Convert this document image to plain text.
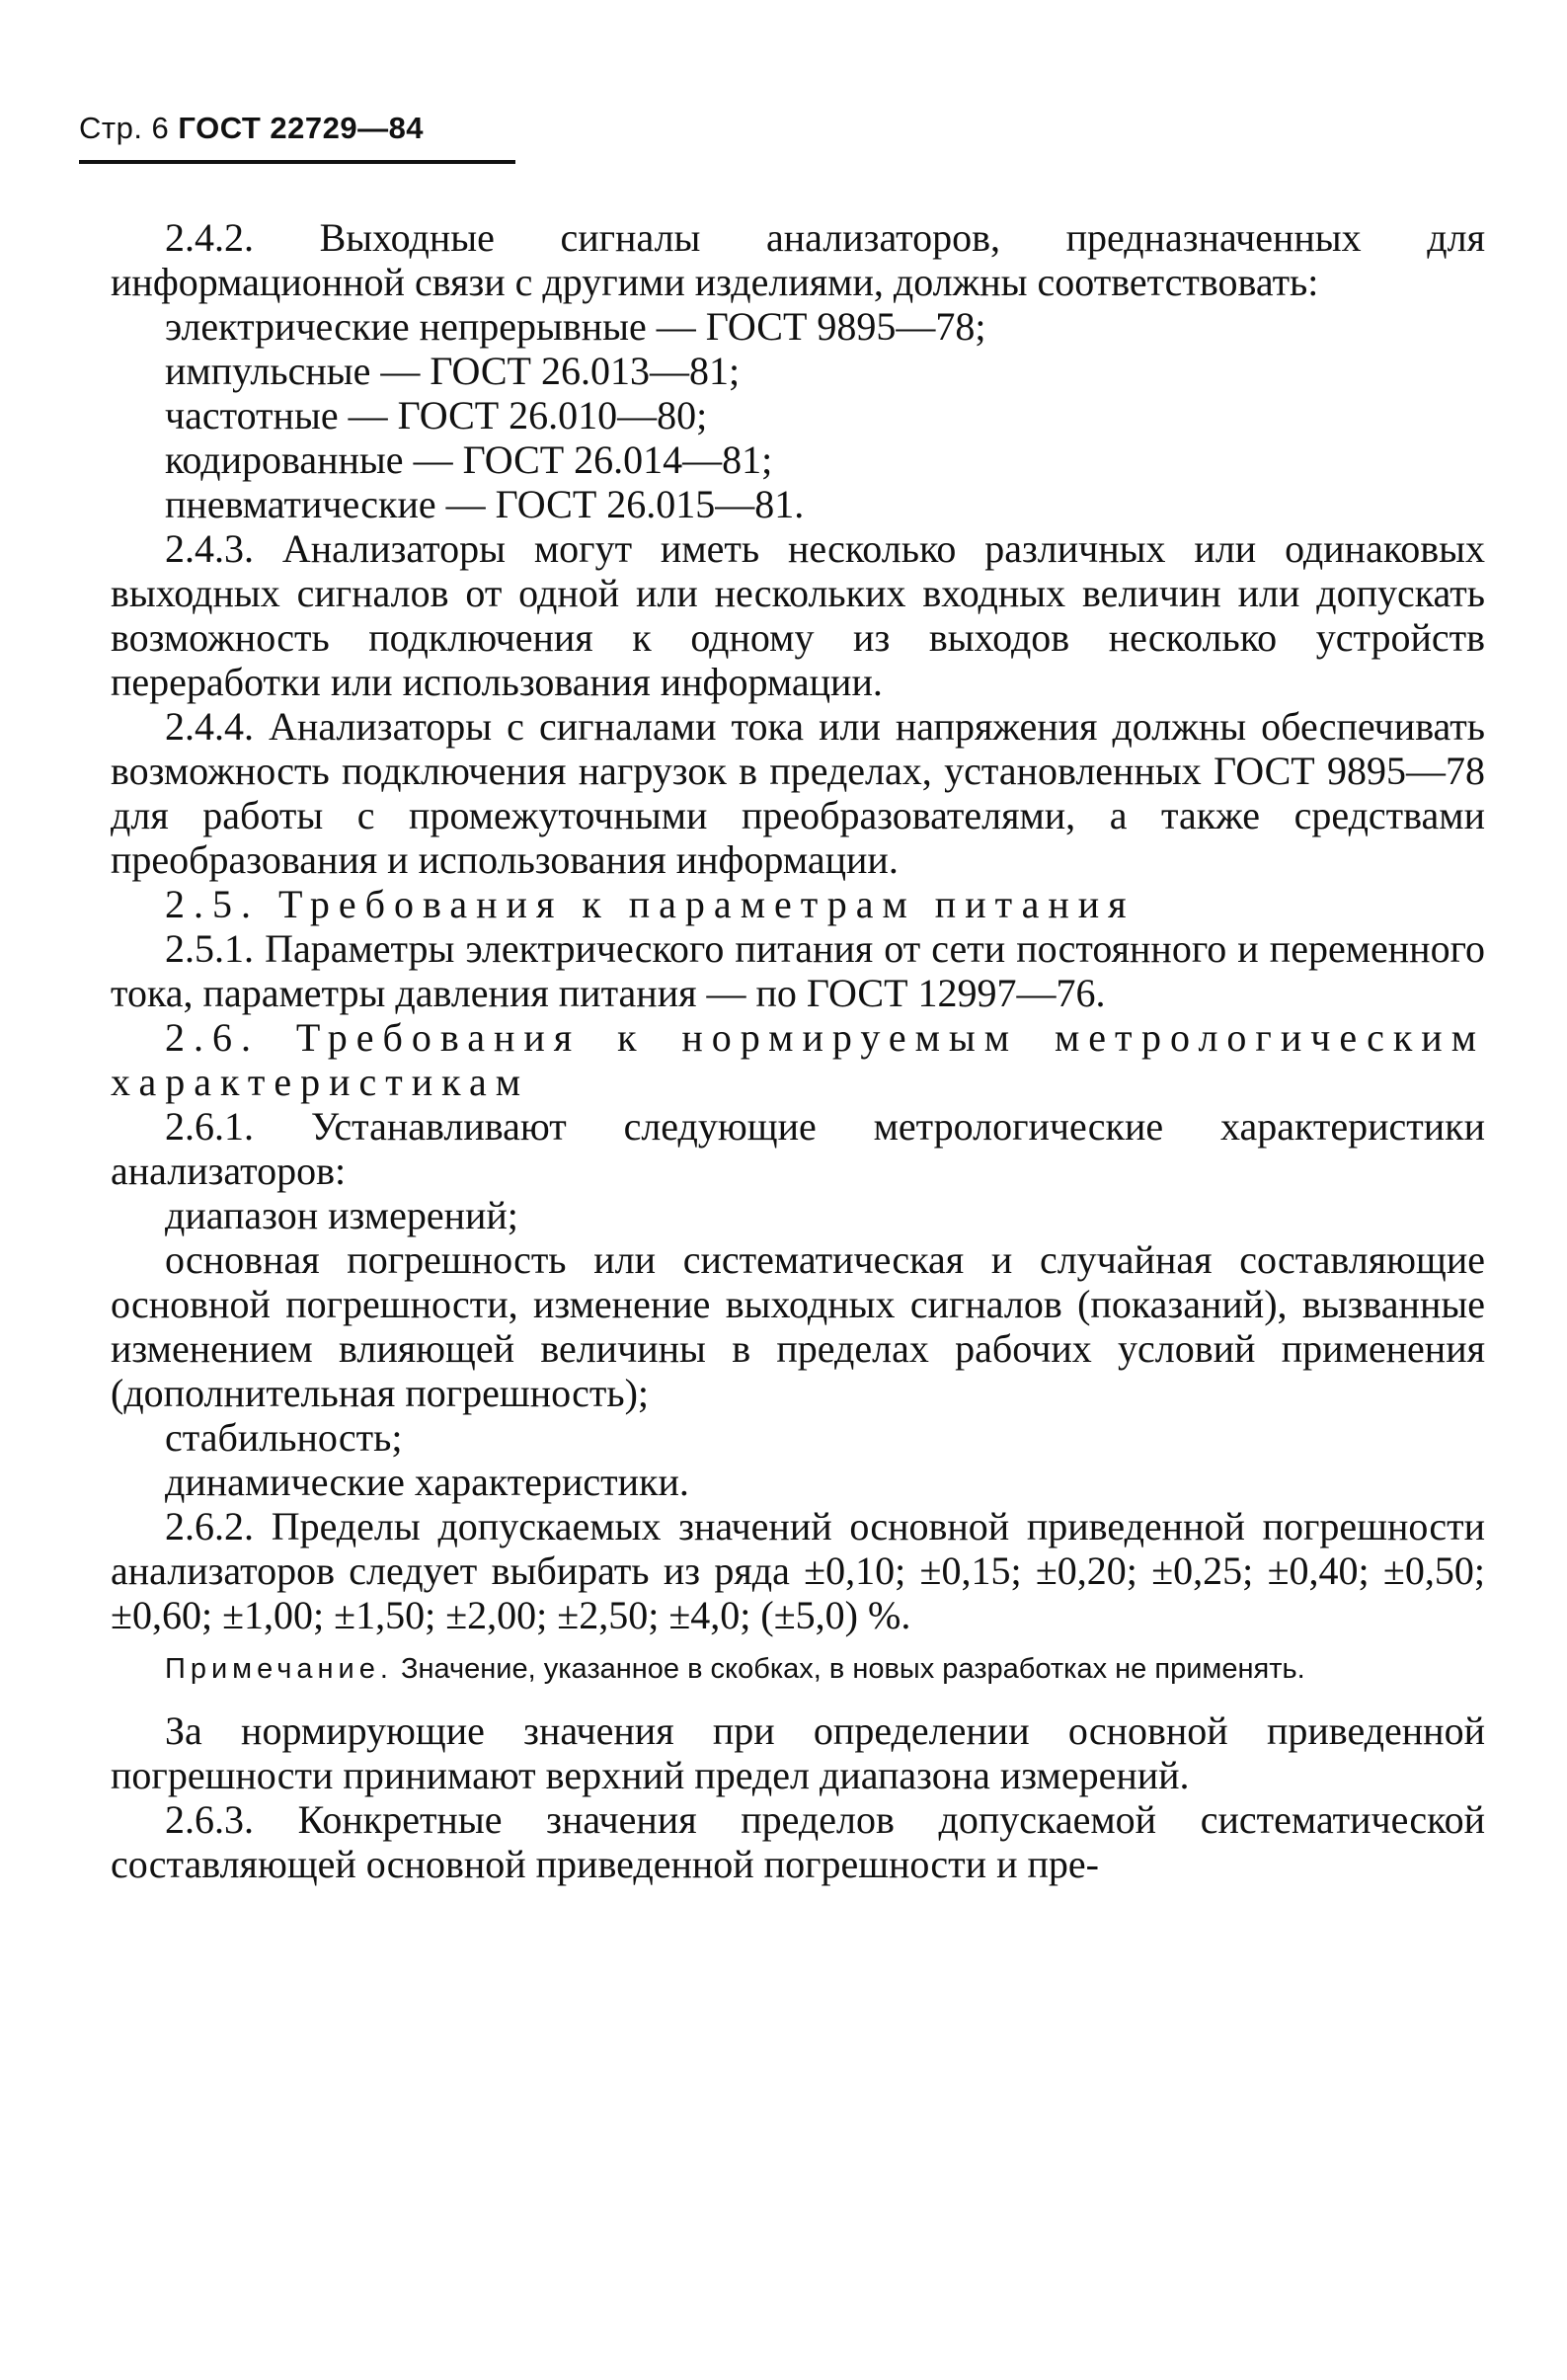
Стр. 6 ГОСТ 22729—84

2.4.2. Выходные сигналы анализаторов, предназначенных для информационной связи с другими изделиями, должны соответствовать:

электрические непрерывные — ГОСТ 9895—78;

импульсные — ГОСТ 26.013—81;

частотные — ГОСТ 26.010—80;

кодированные — ГОСТ 26.014—81;

пневматические — ГОСТ 26.015—81.

2.4.3. Анализаторы могут иметь несколько различных или одинаковых выходных сигналов от одной или нескольких входных величин или допускать возможность подключения к одному из выходов несколько устройств переработки или использования информации.

2.4.4. Анализаторы с сигналами тока или напряжения должны обеспечивать возможность подключения нагрузок в пределах, установленных ГОСТ 9895—78 для работы с промежуточными преобразователями, а также средствами преобразования и использования информации.

2.5. Требования к параметрам питания

2.5.1. Параметры электрического питания от сети постоянного и переменного тока, параметры давления питания — по ГОСТ 12997—76.

2.6. Требования к нормируемым метрологическим характеристикам

2.6.1. Устанавливают следующие метрологические характеристики анализаторов:

диапазон измерений;

основная погрешность или систематическая и случайная составляющие основной погрешности, изменение выходных сигналов (показаний), вызванные изменением влияющей величины в пределах рабочих условий применения (дополнительная погрешность);

стабильность;

динамические характеристики.

2.6.2. Пределы допускаемых значений основной приведенной погрешности анализаторов следует выбирать из ряда ±0,10; ±0,15; ±0,20; ±0,25; ±0,40; ±0,50; ±0,60; ±1,00; ±1,50; ±2,00; ±2,50; ±4,0; (±5,0) %.

Примечание. Значение, указанное в скобках, в новых разработках не применять.

За нормирующие значения при определении основной приведенной погрешности принимают верхний предел диапазона измерений.

2.6.3. Конкретные значения пределов допускаемой систематической составляющей основной приведенной погрешности и пре-
